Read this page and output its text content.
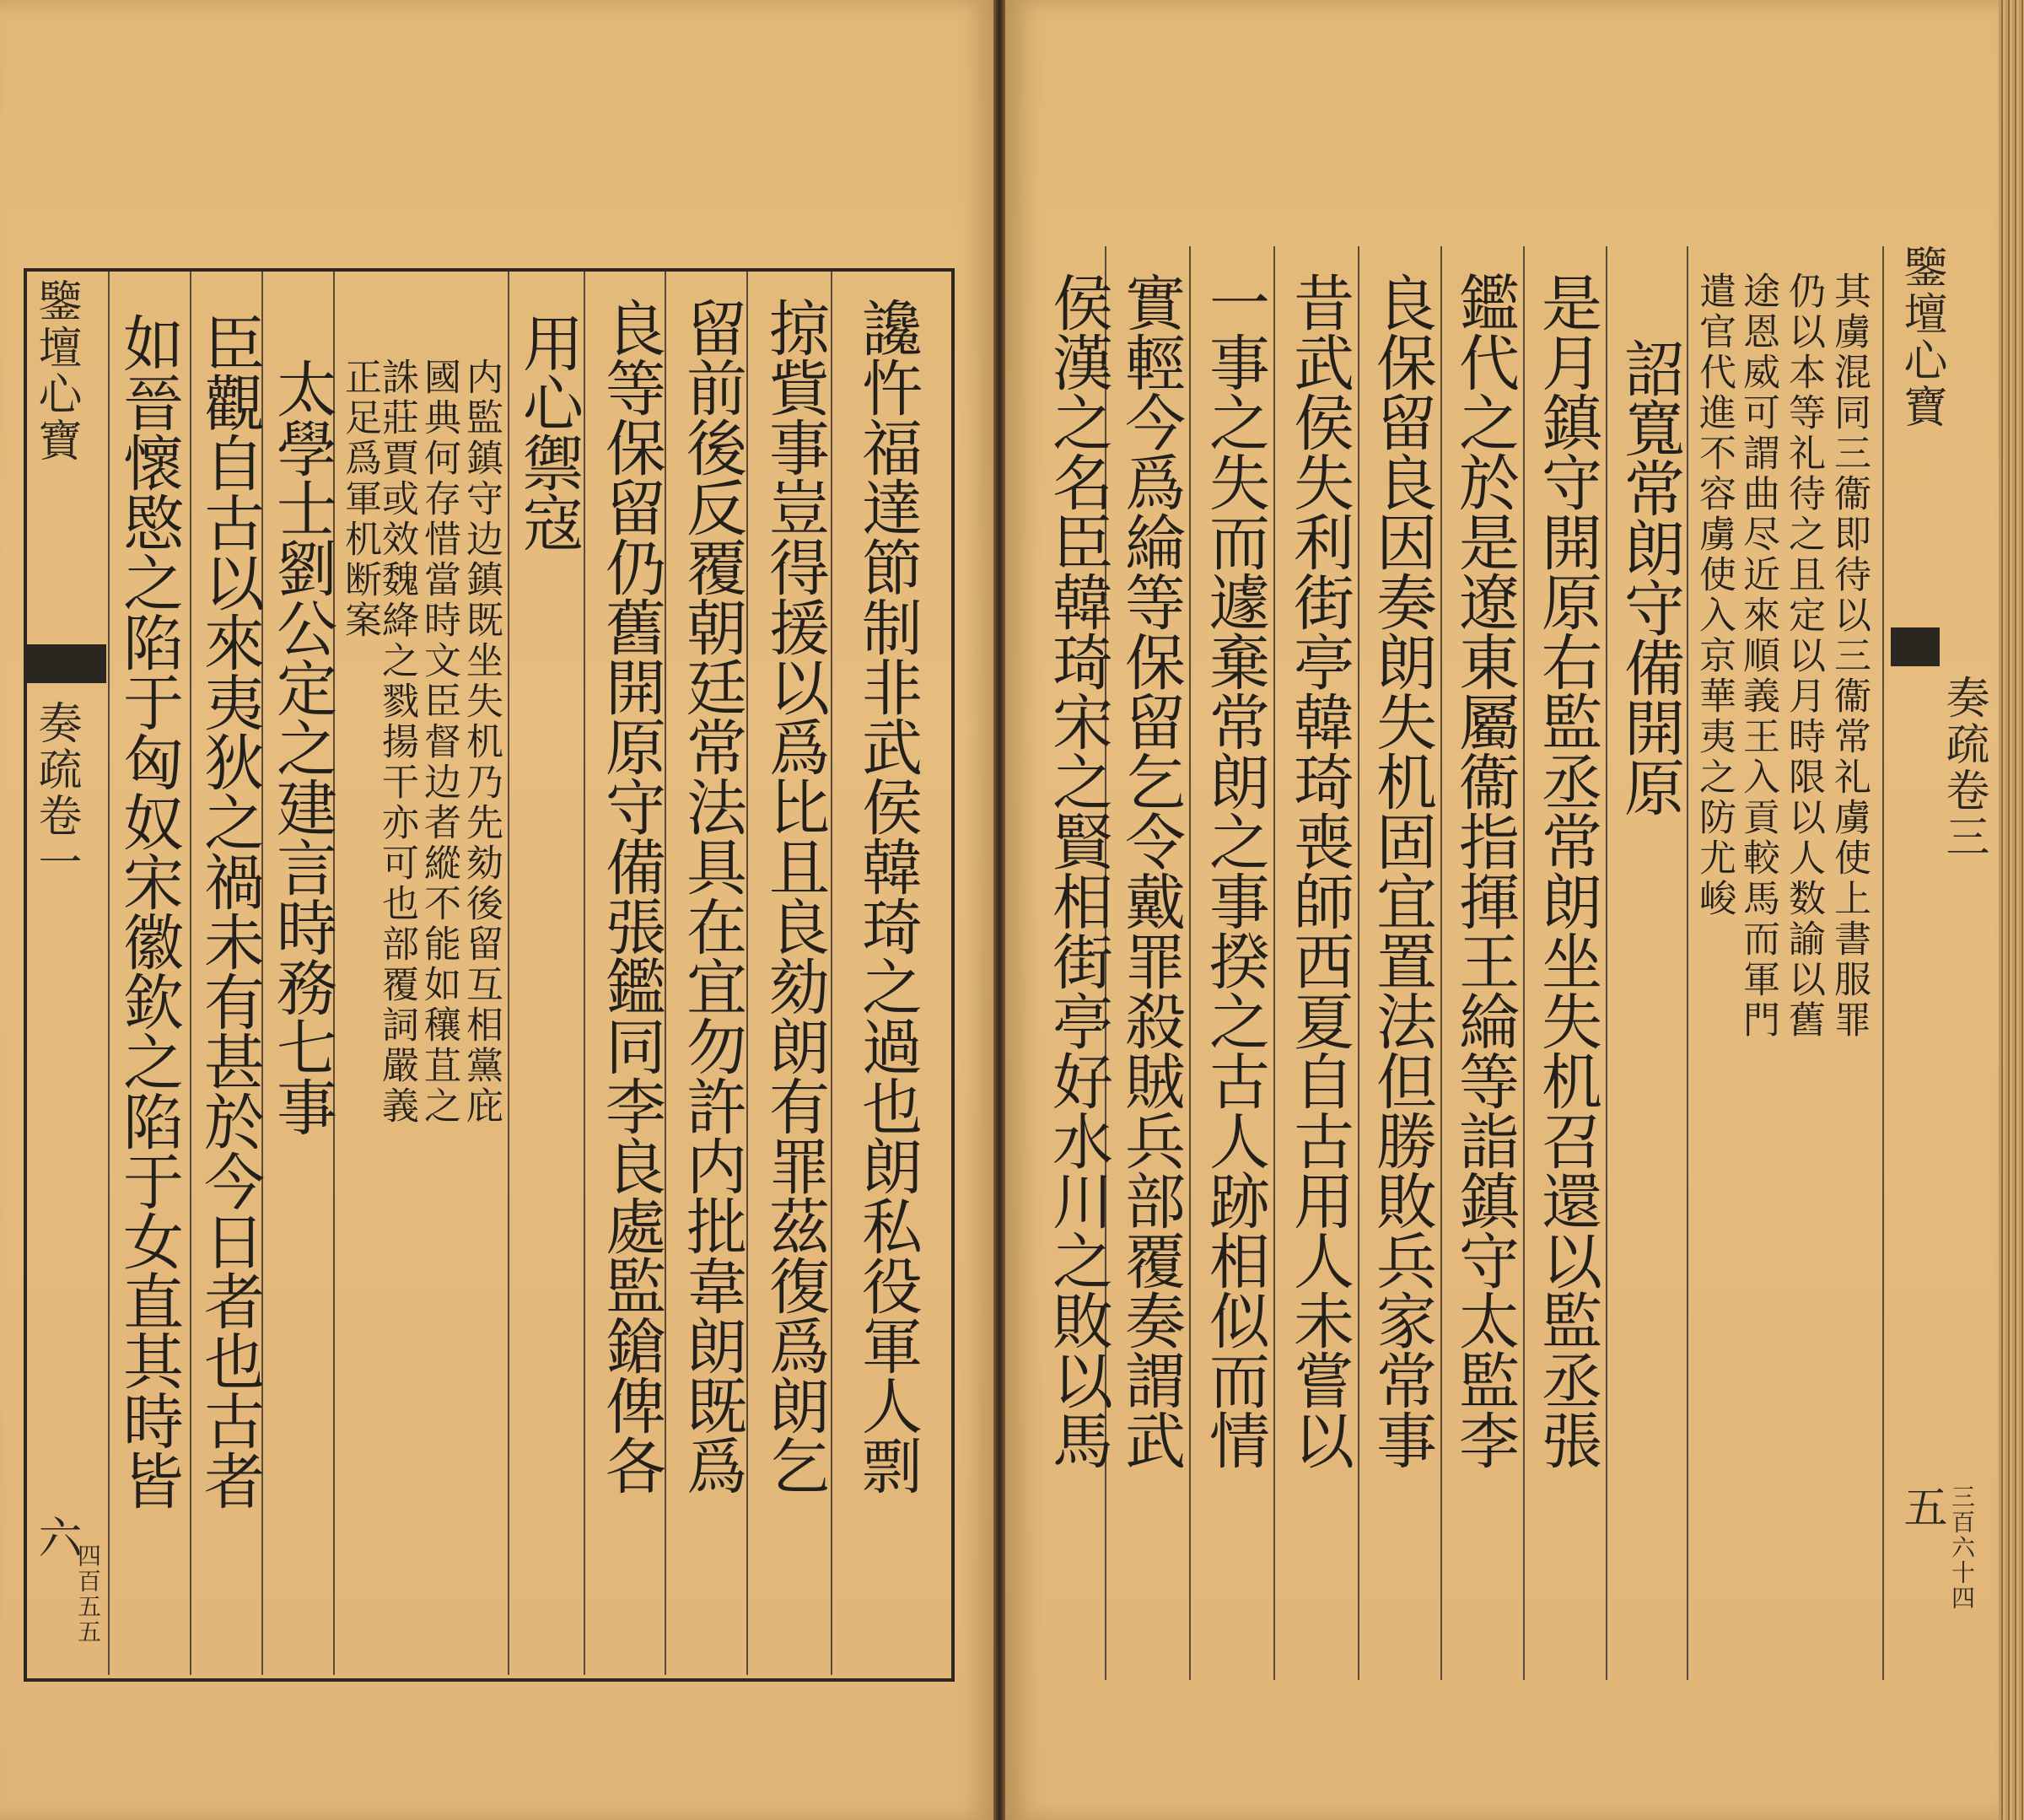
鑒壇心寶
奏疏卷一
六
四百五五
讒忤福達節制非武侯韓琦之過也朗私役軍人剽
掠貲事豈得援以爲比且良劾朗有罪茲復爲朗乞
留前後反覆朝廷常法具在宜勿許内批韋朗既爲
良等保留仍舊開原守備張鑑同李良處監鎗俾各
用心禦寇
内監鎮守边鎮既坐失机乃先劾後留互相黨庇
國典何存惜當時文臣督边者縱不能如穰苴之
誅莊賈或效魏絳之戮揚干亦可也部覆詞嚴義
正足爲軍机断案
太學士劉公定之建言時務七事
臣觀自古以來夷狄之禍未有甚於今日者也古者
如晉懷愍之陷于匈奴宋徽欽之陷于女直其時皆	鑒壇心寶
奏疏卷三
五 三百六十四
其虜混同三衞即待以三衞常礼虜使上書服罪
仍以本等礼待之且定以月時限以人数諭以舊
途恩威可謂曲尽近來順義王入貢較馬而軍門
遣官代進不容虜使入京華夷之防尤峻
詔寬常朗守備開原
是月鎮守開原右監丞常朗坐失机召還以監丞張
鑑代之於是遼東屬衞指揮王綸等詣鎮守太監李
良保留良因奏朗失机固宜置法但勝敗兵家常事
昔武侯失利街亭韓琦喪師西夏自古用人未嘗以
一事之失而遽棄常朗之事揆之古人跡相似而情
實輕今爲綸等保留乞令戴罪殺賊兵部覆奏謂武
侯漢之名臣韓琦宋之賢相街亭好水川之敗以馬
